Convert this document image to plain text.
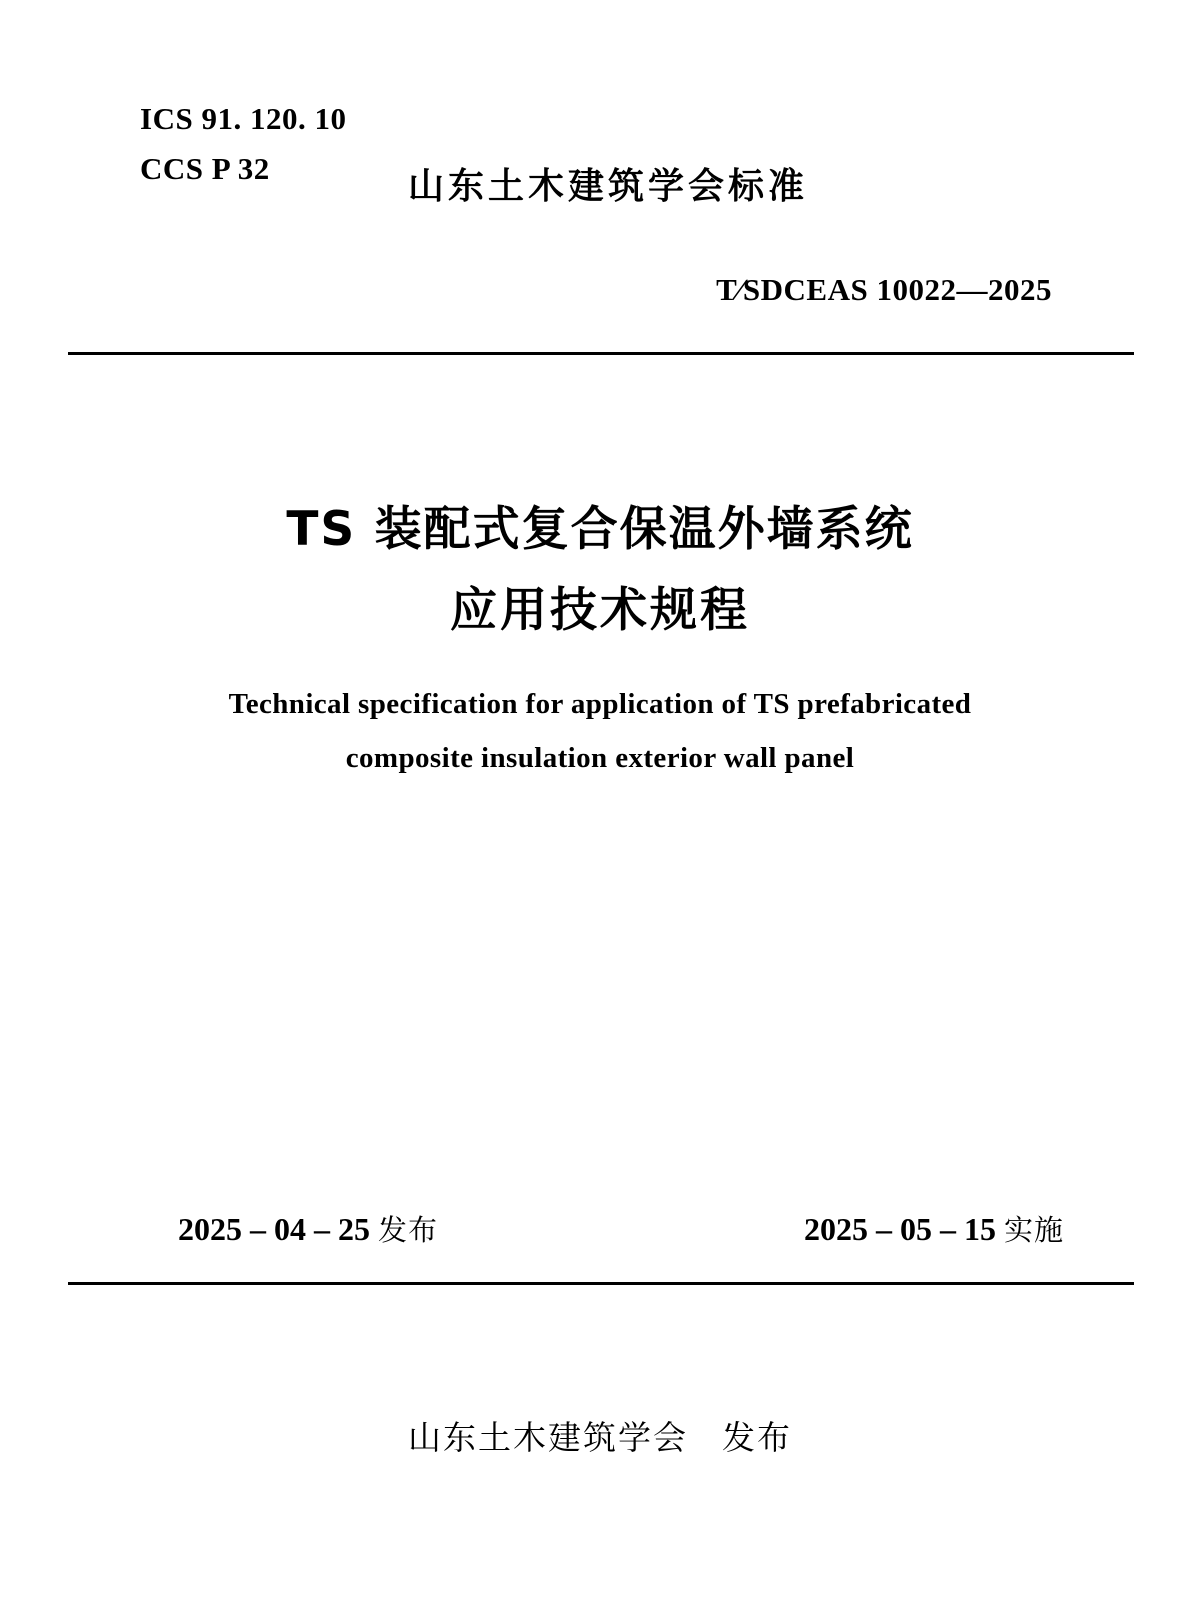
ICS 91. 120. 10
CCS P 32	山东土木建筑学会标准
T∕SDCEAS 10022—2025
TS 装配式复合保温外墙系统
应用技术规程
Technical specification for application of TS prefabricated
composite insulation exterior wall panel
2025 – 04 – 25 发布	2025 – 05 – 15 实施
山东土木建筑学会 发布
